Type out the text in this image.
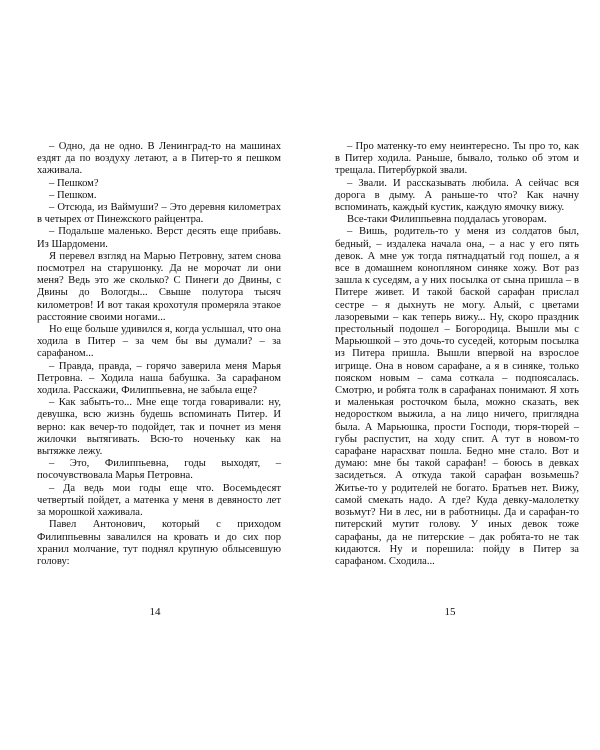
– Одно, да не одно. В Ленинград-то на машинах ездят да по воздуху летают, а в Питер-то я пешком хаживала.

– Пешком?

– Пешком.

– Отсюда, из Ваймуши? – Это деревня километрах в четырех от Пинежского райцентра.

– Подальше маленько. Верст десять еще прибавь. Из Шардомени.

Я перевел взгляд на Марью Петровну, затем снова посмотрел на старушонку. Да не морочат ли они меня? Ведь это же сколько? С Пинеги до Двины, с Двины до Вологды... Свыше полутора тысяч километров! И вот такая крохотуля промеряла этакое расстояние своими ногами...

Но еще больше удивился я, когда услышал, что она ходила в Питер – за чем бы вы думали? – за сарафаном...

– Правда, правда, – горячо заверила меня Марья Петровна. – Ходила наша бабушка. За сарафаном ходила. Расскажи, Филиппьевна, не забыла еще?

– Как забыть-то... Мне еще тогда говаривали: ну, девушка, всю жизнь будешь вспоминать Питер. И верно: как вечер-то подойдет, так и почнет из меня жилочки вытягивать. Всю-то ноченьку как на вытяжке лежу.

– Это, Филиппьевна, годы выходят, – посочувствовала Марья Петровна.

– Да ведь мои годы еще что. Восемьдесят четвертый пойдет, а матенка у меня в девяносто лет за морошкой хаживала.

Павел Антонович, который с приходом Филиппьевны завалился на кровать и до сих пор хранил молчание, тут поднял крупную облысевшую голову:

14

– Про матенку-то ему неинтересно. Ты про то, как в Питер ходила. Раньше, бывало, только об этом и трещала. Питербуркой звали.

– Звали. И рассказывать любила. А сейчас вся дорога в дыму. А раньше-то что? Как начну вспоминать, каждый кустик, каждую ямочку вижу.

Все-таки Филиппьевна поддалась уговорам.

– Вишь, родитель-то у меня из солдатов был, бедный, – издалека начала она, – а нас у его пять девок. А мне уж тогда пятнадцатый год пошел, а я все в домашнем конопляном синяке хожу. Вот раз зашла к суседям, а у них посылка от сына пришла – в Питере живет. И такой баской сарафан прислал сестре – я дыхнуть не могу. Алый, с цветами лазоревыми – как теперь вижу... Ну, скоро праздник престольный подошел – Богородица. Вышли мы с Марьюшкой – это дочь-то суседей, которым посылка из Питера пришла. Вышли впервой на взрослое игрище. Она в новом сарафане, а я в синяке, только пояском новым – сама соткала – подпоясалась. Смотрю, и робята толк в сарафанах понимают. Я хоть и маленькая росточком была, можно сказать, век недоростком выжила, а на лицо ничего, приглядна была. А Марьюшка, прости Господи, тюря-тюрей – губы распустит, на ходу спит. А тут в новом-то сарафане нарасхват пошла. Бедно мне стало. Вот и думаю: мне бы такой сарафан! – боюсь в девках засидеться. А откуда такой сарафан возьмешь? Житье-то у родителей не богато. Братьев нет. Вижу, самой смекать надо. А где? Куда девку-малолетку возьмут? Ни в лес, ни в работницы. Да и сарафан-то питерский мутит голову. У иных девок тоже сарафаны, да не питерские – дак робята-то не так кидаются. Ну и порешила: пойду в Питер за сарафаном. Сходила...

15
